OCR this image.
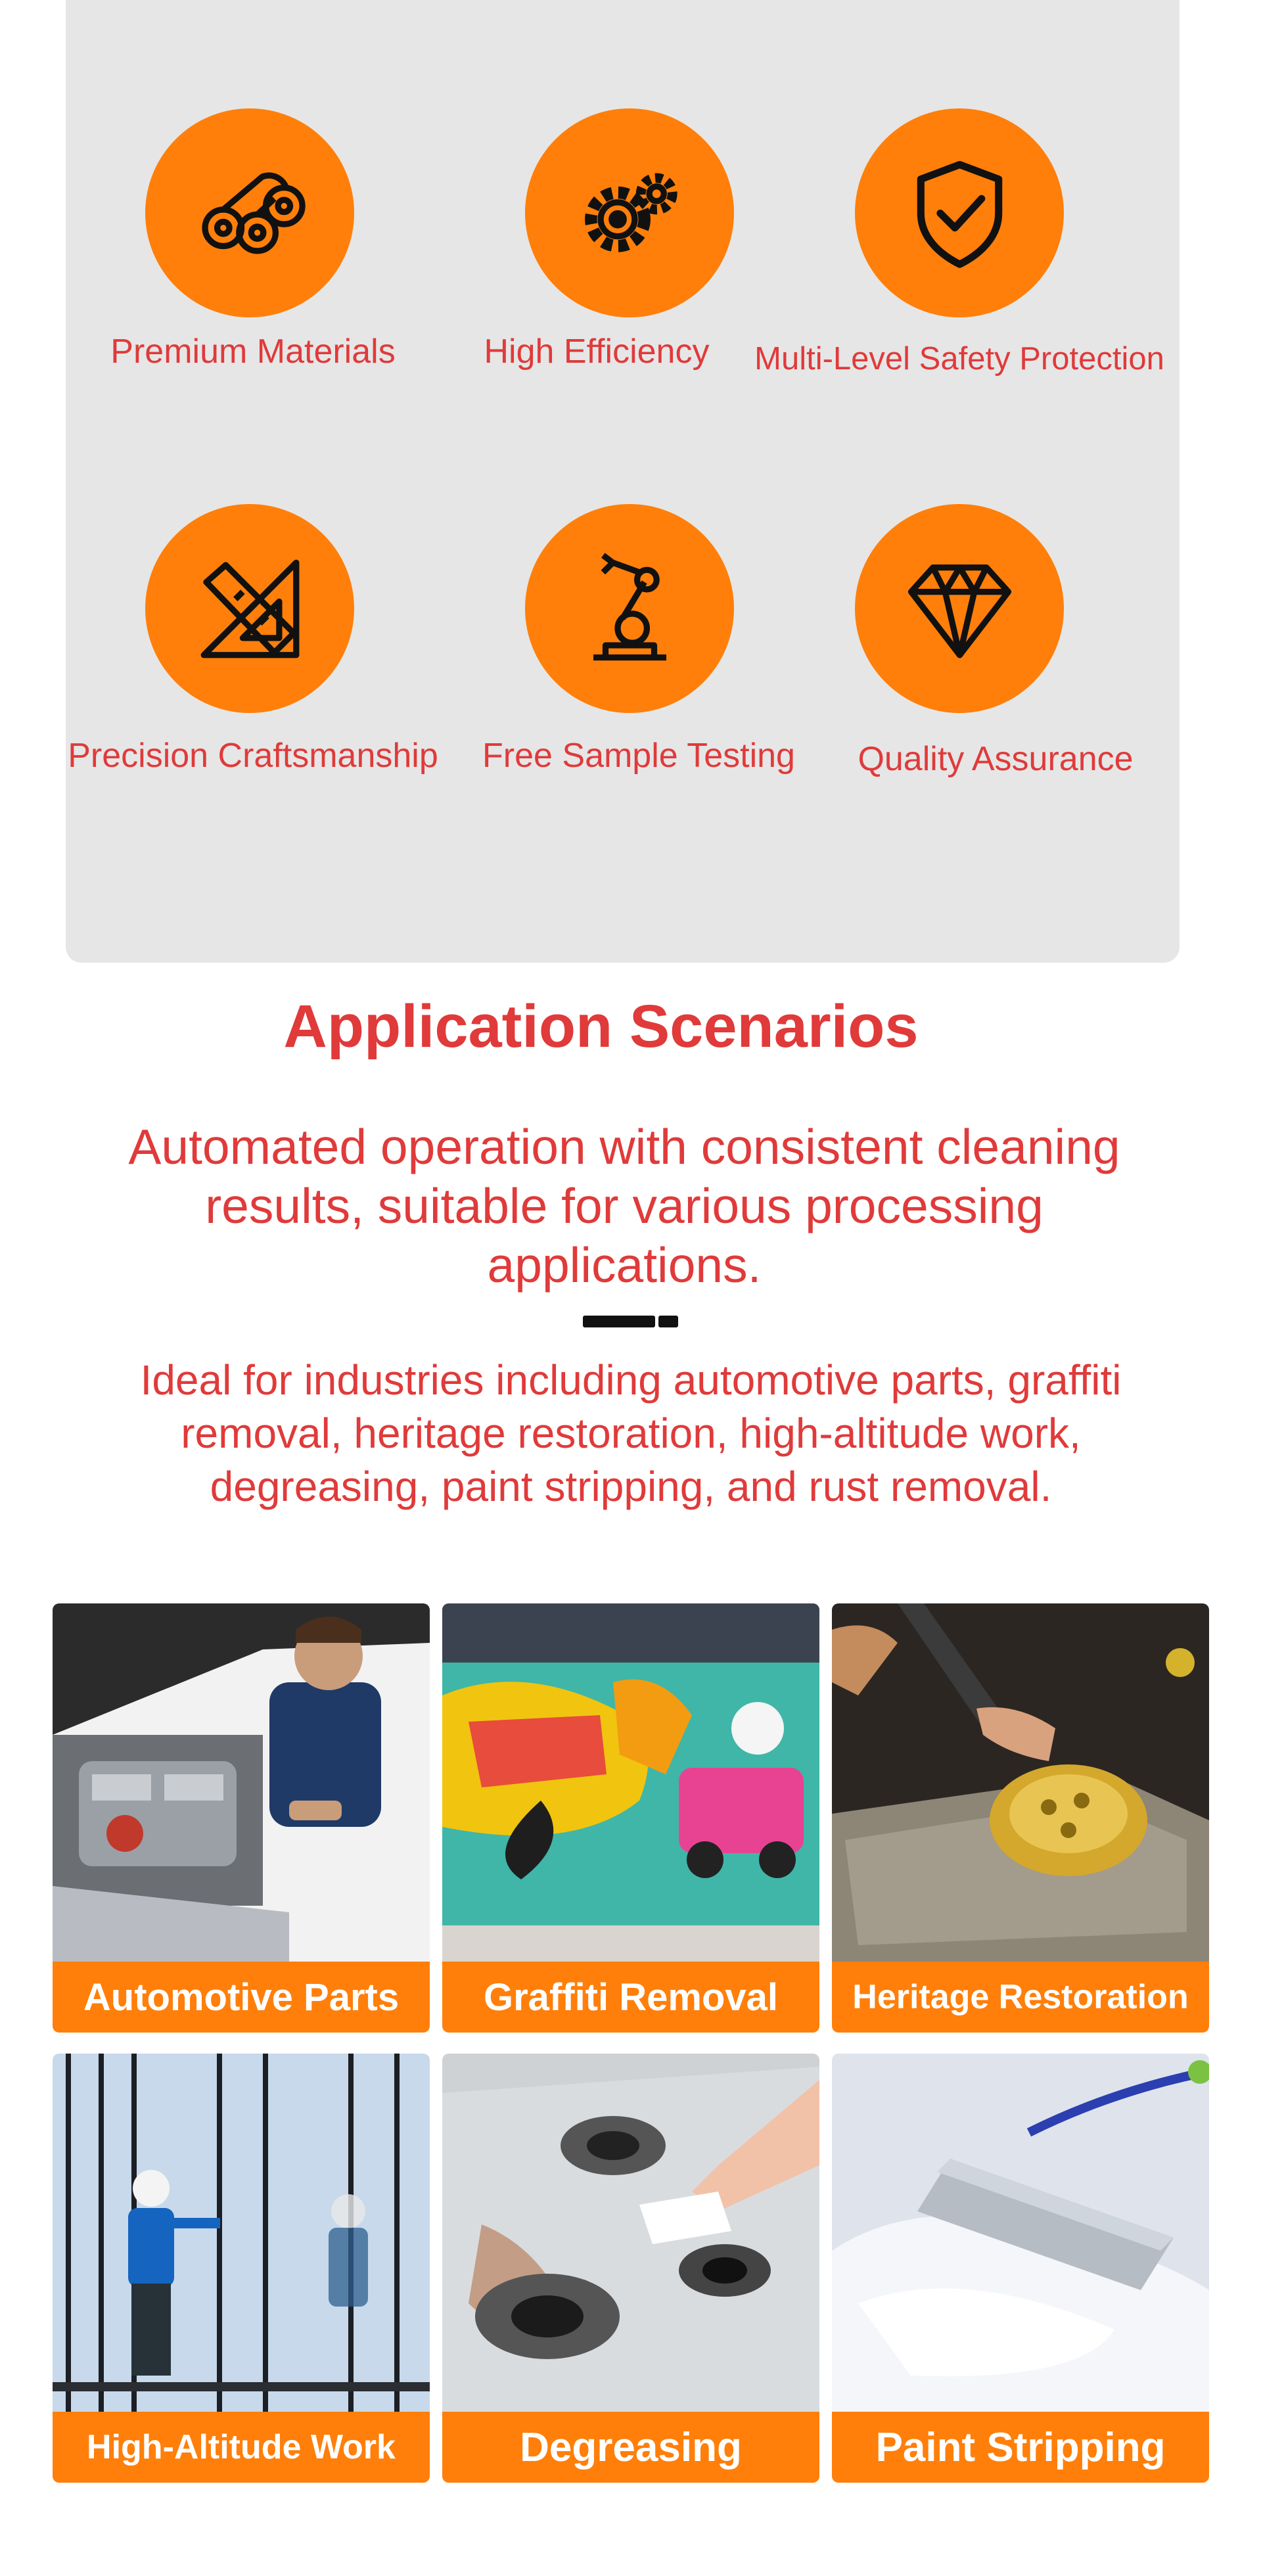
Premium Materials	High Efficiency	Multi-Level Safety Protection
Precision Craftsmanship	Free Sample Testing	Quality Assurance
Application Scenarios
Automated operation with consistent cleaning results, suitable for various processing applications.
Ideal for industries including automotive parts, graffiti removal, heritage restoration, high-altitude work, degreasing, paint stripping, and rust removal.
Automotive Parts	Graffiti Removal	Heritage Restoration
High-Altitude Work	Degreasing	Paint Stripping
